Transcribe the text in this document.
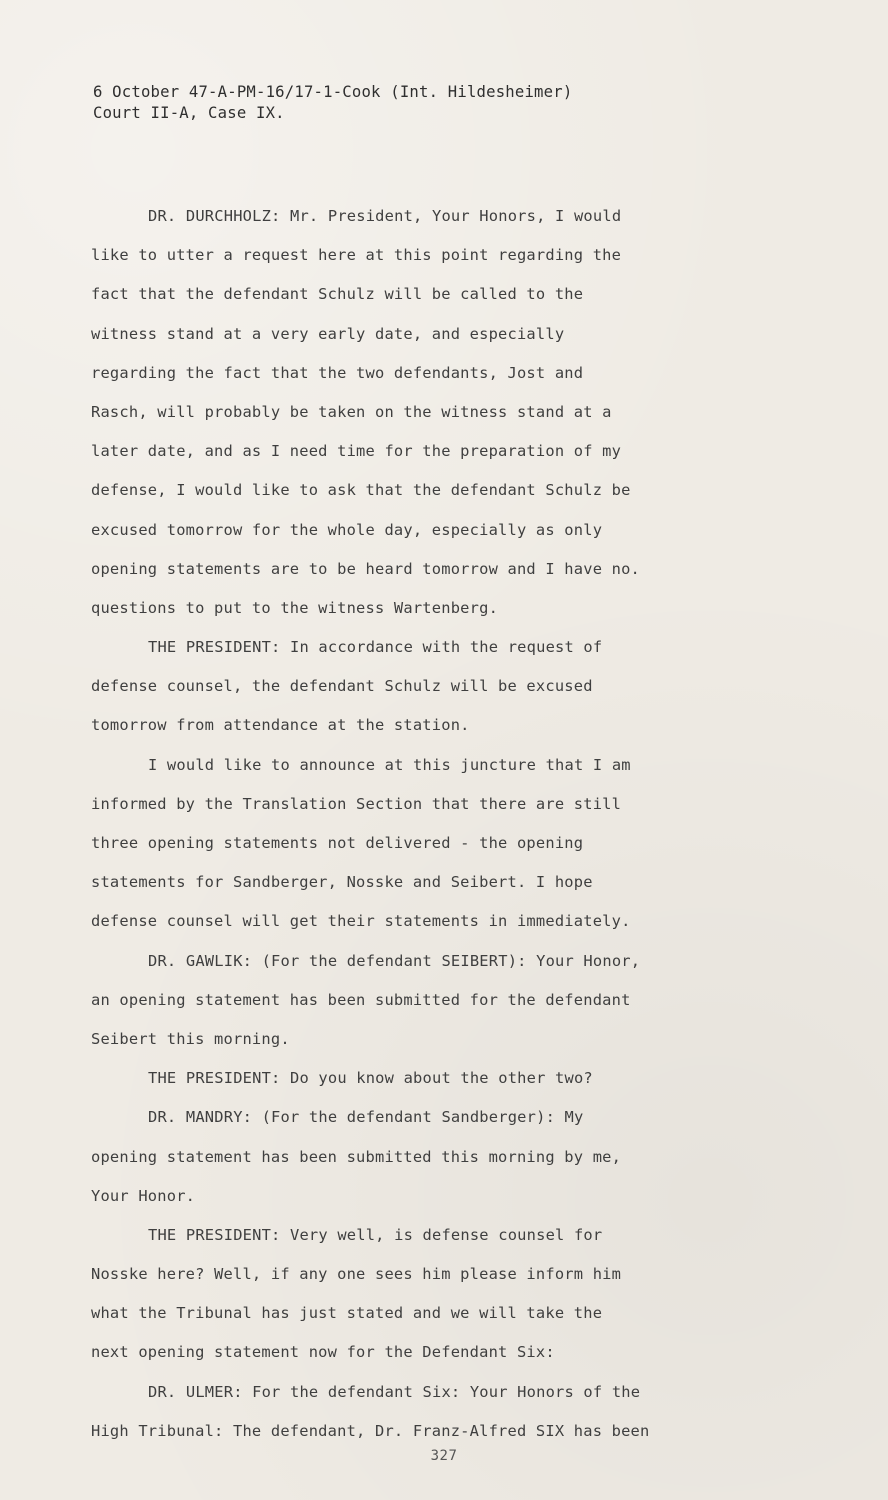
6 October 47-A-PM-16/17-1-Cook (Int. Hildesheimer)
Court II-A, Case IX.
DR. DURCHHOLZ: Mr. President, Your Honors, I would
like to utter a request here at this point regarding the
fact that the defendant Schulz will be called to the
witness stand at a very early date, and especially
regarding the fact that the two defendants, Jost and
Rasch, will probably be taken on the witness stand at a
later date, and as I need time for the preparation of my
defense, I would like to ask that the defendant Schulz be
excused tomorrow for the whole day, especially as only
opening statements are to be heard tomorrow and I have no.
questions to put to the witness Wartenberg.
THE PRESIDENT: In accordance with the request of
defense counsel, the defendant Schulz will be excused
tomorrow from attendance at the station.
I would like to announce at this juncture that I am
informed by the Translation Section that there are still
three opening statements not delivered - the opening
statements for Sandberger, Nosske and Seibert. I hope
defense counsel will get their statements in immediately.
DR. GAWLIK: (For the defendant SEIBERT): Your Honor,
an opening statement has been submitted for the defendant
Seibert this morning.
THE PRESIDENT: Do you know about the other two?
DR. MANDRY: (For the defendant Sandberger): My
opening statement has been submitted this morning by me,
Your Honor.
THE PRESIDENT: Very well, is defense counsel for
Nosske here? Well, if any one sees him please inform him
what the Tribunal has just stated and we will take the
next opening statement now for the Defendant Six:
DR. ULMER: For the defendant Six: Your Honors of the
High Tribunal: The defendant, Dr. Franz-Alfred SIX has been
327
